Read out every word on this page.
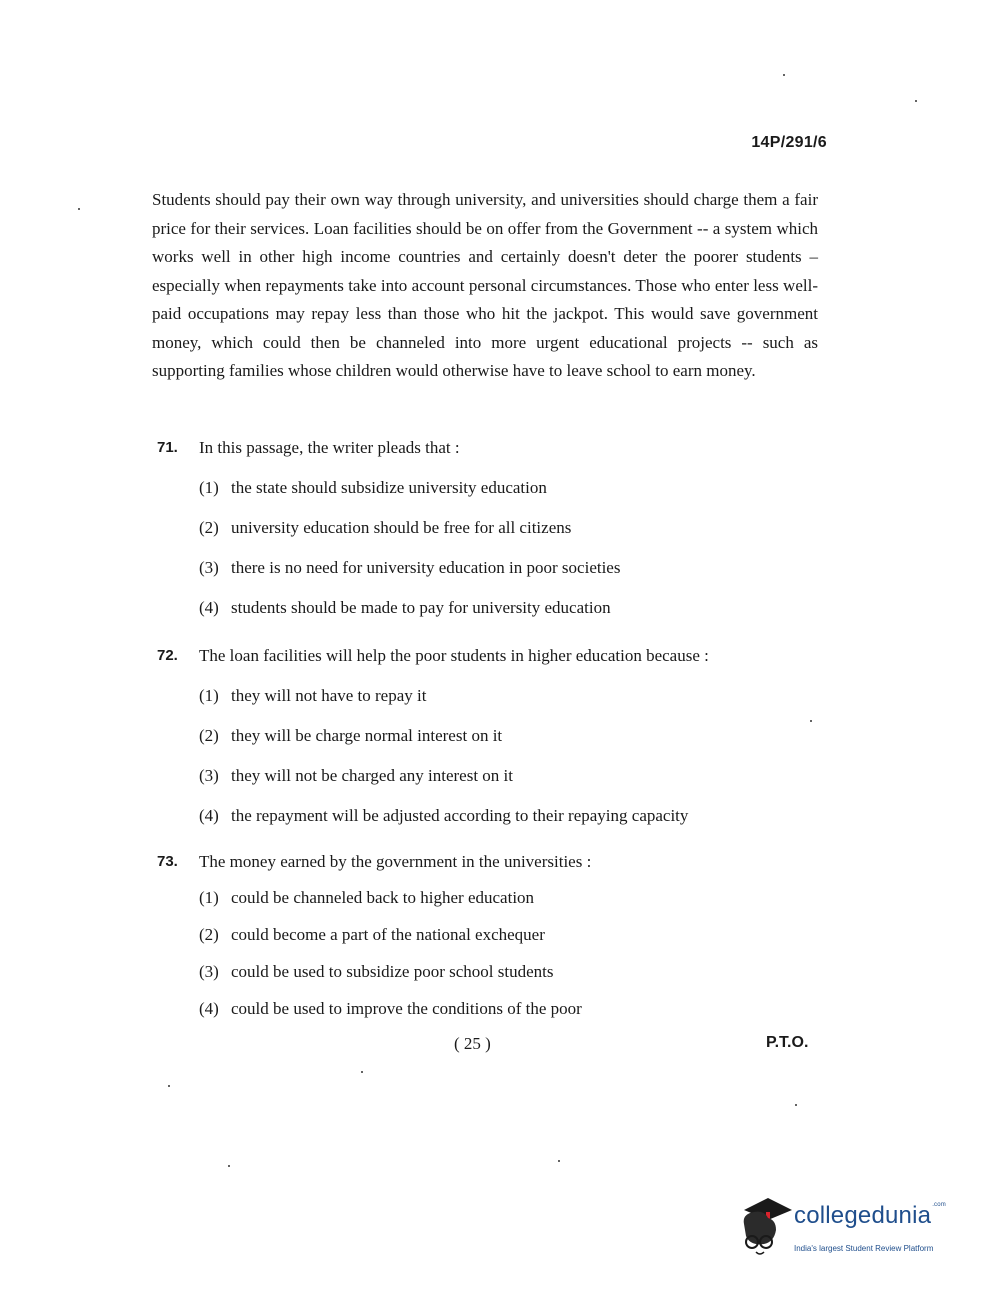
14P/291/6

Students should pay their own way through university, and universities should charge them a fair price for their services. Loan facilities should be on offer from the Government -- a system which works well in other high income countries and certainly doesn't deter the poorer students – especially when repayments take into account personal circumstances. Those who enter less well-paid occupations may repay less than those who hit the jackpot. This would save government money, which could then be channeled into more urgent educational projects -- such as supporting families whose children would otherwise have to leave school to earn money.

71.	In this passage, the writer pleads that :
(1) the state should subsidize university education
(2) university education should be free for all citizens
(3) there is no need for university education in poor societies
(4) students should be made to pay for university education
72.	The loan facilities will help the poor students in higher education because :
(1) they will not have to repay it
(2) they will be charge normal interest on it
(3) they will not be charged any interest on it
(4) the repayment will be adjusted according to their repaying capacity
73.	The money earned by the government in the universities :
(1) could be channeled back to higher education
(2) could become a part of the national exchequer
(3) could be used to subsidize poor school students
(4) could be used to improve the conditions of the poor
( 25 )	P.T.O.
collegedunia$^{.com}$
India's largest Student Review Platform
